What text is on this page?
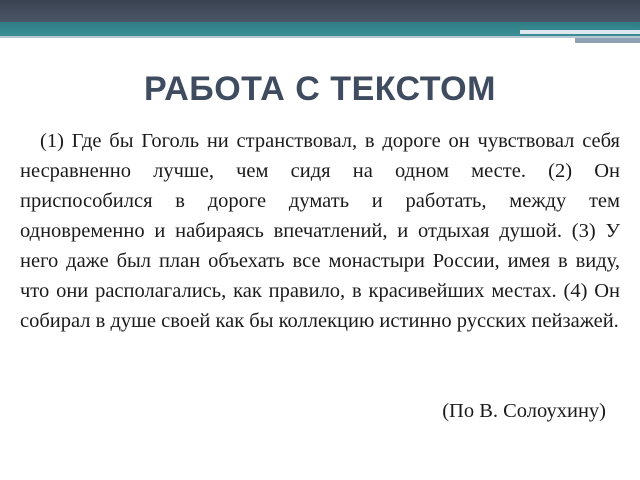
РАБОТА С ТЕКСТОМ

(1) Где бы Гоголь ни странствовал, в дороге он чувствовал себя несравненно лучше, чем сидя на одном месте. (2) Он приспособился в дороге думать и работать, между тем одновременно и набираясь впечатлений, и отдыхая душой. (3) У него даже был план объехать все монастыри России, имея в виду, что они располагались, как правило, в красивейших местах. (4) Он собирал в душе своей как бы коллекцию истинно русских пейзажей.

(По В. Солоухину)
